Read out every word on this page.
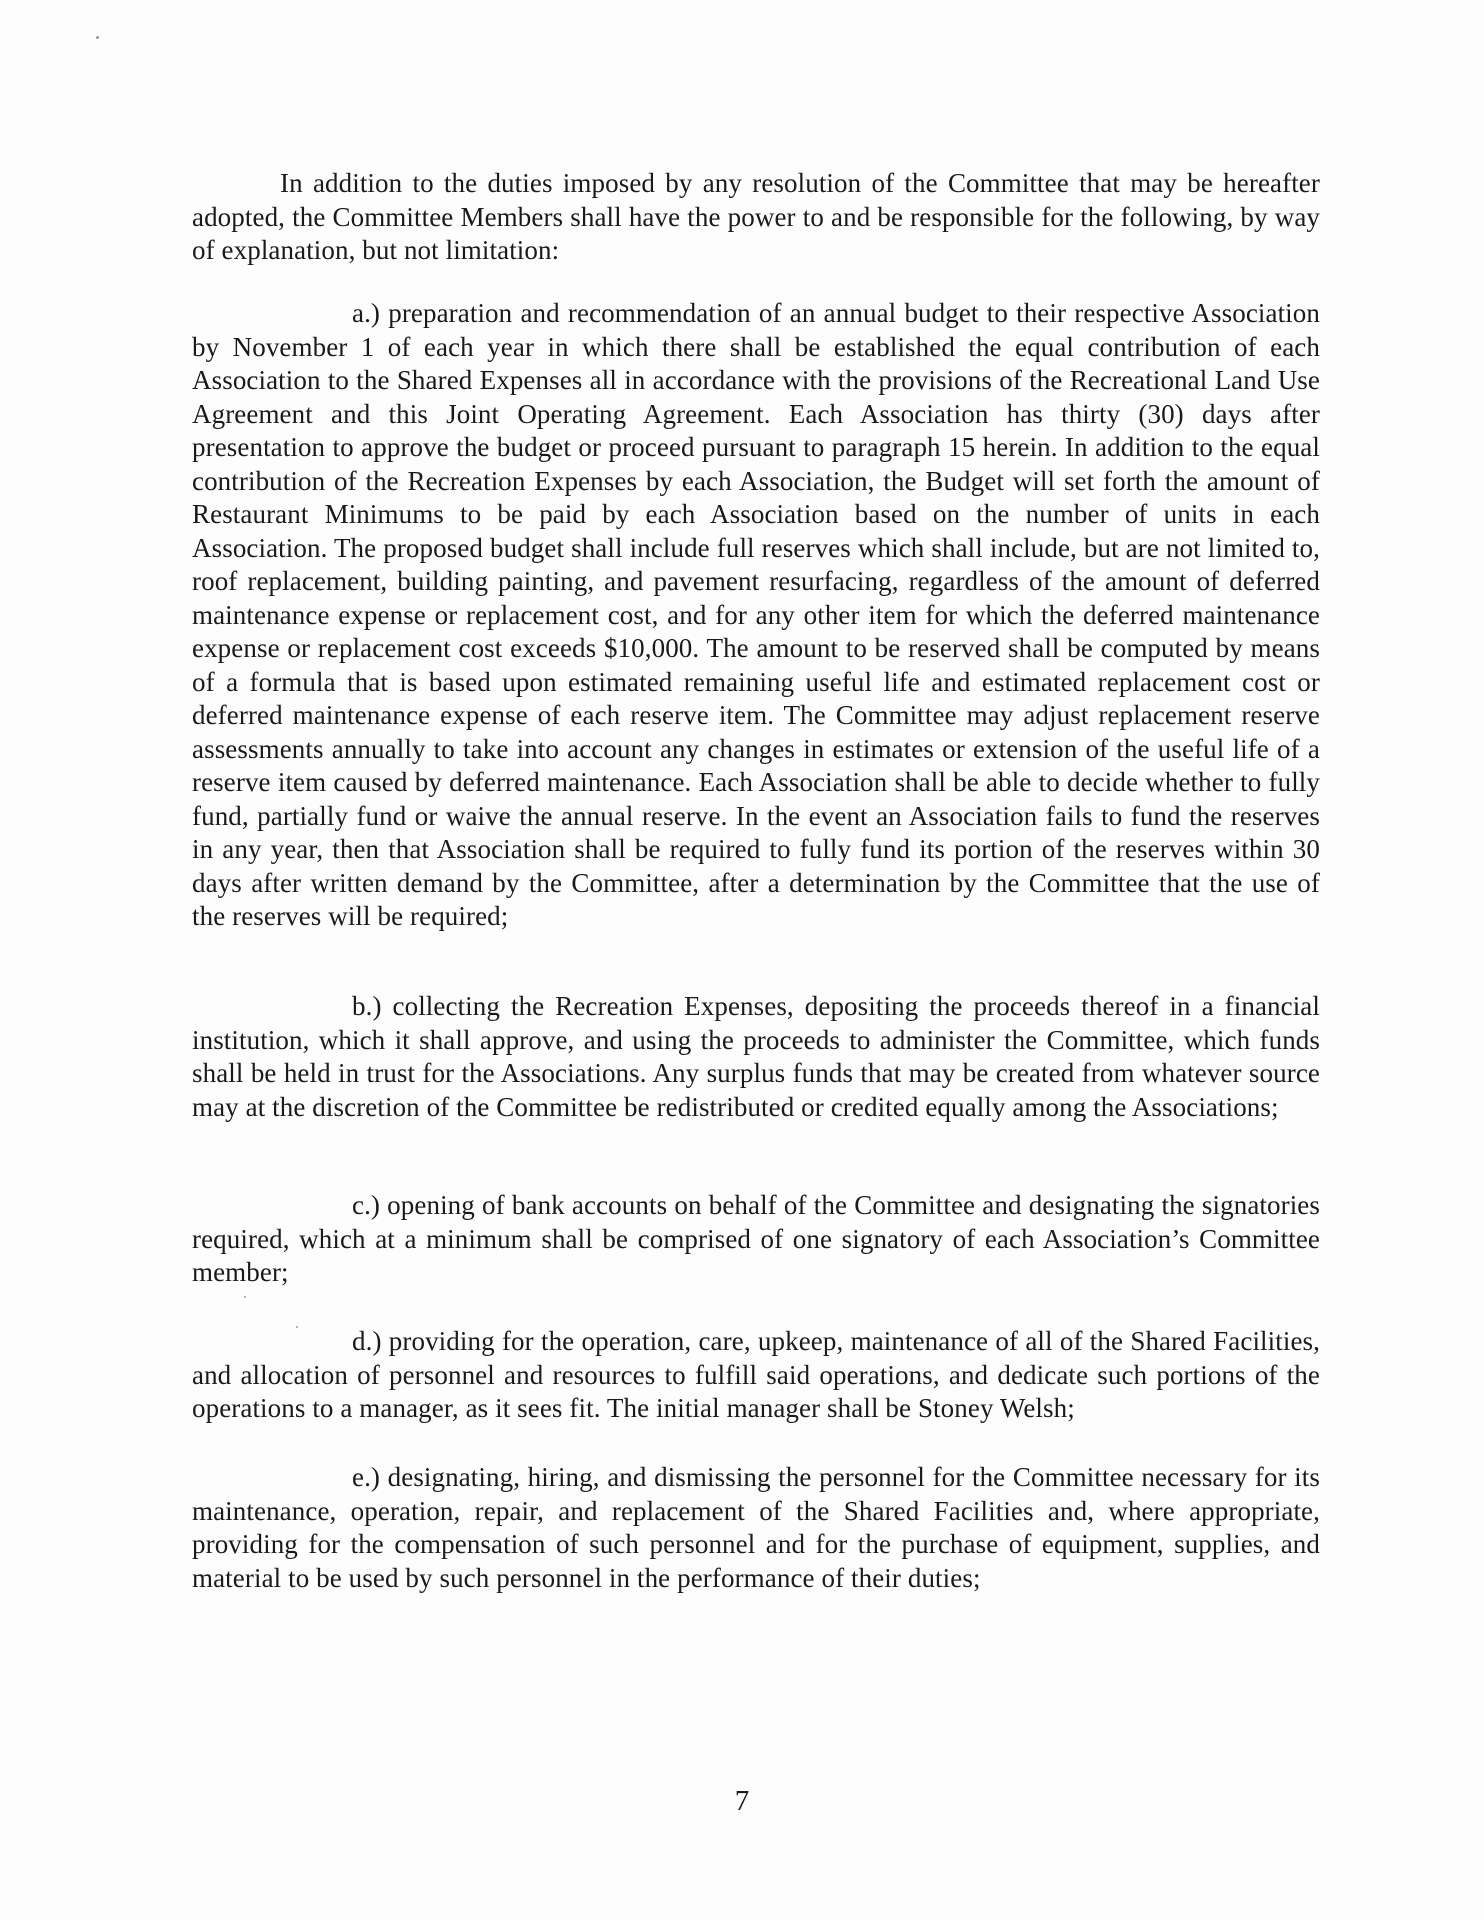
In addition to the duties imposed by any resolution of the Committee that may be hereafter adopted, the Committee Members shall have the power to and be responsible for the following, by way of explanation, but not limitation:

a.) preparation and recommendation of an annual budget to their respective Association by November 1 of each year in which there shall be established the equal contribution of each Association to the Shared Expenses all in accordance with the provisions of the Recreational Land Use Agreement and this Joint Operating Agreement. Each Association has thirty (30) days after presentation to approve the budget or proceed pursuant to paragraph 15 herein. In addition to the equal contribution of the Recreation Expenses by each Association, the Budget will set forth the amount of Restaurant Minimums to be paid by each Association based on the number of units in each Association. The proposed budget shall include full reserves which shall include, but are not limited to, roof replacement, building painting, and pavement resurfacing, regardless of the amount of deferred maintenance expense or replacement cost, and for any other item for which the deferred maintenance expense or replacement cost exceeds $10,000. The amount to be reserved shall be computed by means of a formula that is based upon estimated remaining useful life and estimated replacement cost or deferred maintenance expense of each reserve item. The Committee may adjust replacement reserve assessments annually to take into account any changes in estimates or extension of the useful life of a reserve item caused by deferred maintenance. Each Association shall be able to decide whether to fully fund, partially fund or waive the annual reserve. In the event an Association fails to fund the reserves in any year, then that Association shall be required to fully fund its portion of the reserves within 30 days after written demand by the Committee, after a determination by the Committee that the use of the reserves will be required;

b.) collecting the Recreation Expenses, depositing the proceeds thereof in a financial institution, which it shall approve, and using the proceeds to administer the Committee, which funds shall be held in trust for the Associations. Any surplus funds that may be created from whatever source may at the discretion of the Committee be redistributed or credited equally among the Associations;

c.) opening of bank accounts on behalf of the Committee and designating the signatories required, which at a minimum shall be comprised of one signatory of each Association’s Committee member;

d.) providing for the operation, care, upkeep, maintenance of all of the Shared Facilities, and allocation of personnel and resources to fulfill said operations, and dedicate such portions of the operations to a manager, as it sees fit. The initial manager shall be Stoney Welsh;

e.) designating, hiring, and dismissing the personnel for the Committee necessary for its maintenance, operation, repair, and replacement of the Shared Facilities and, where appropriate, providing for the compensation of such personnel and for the purchase of equipment, supplies, and material to be used by such personnel in the performance of their duties;

7
